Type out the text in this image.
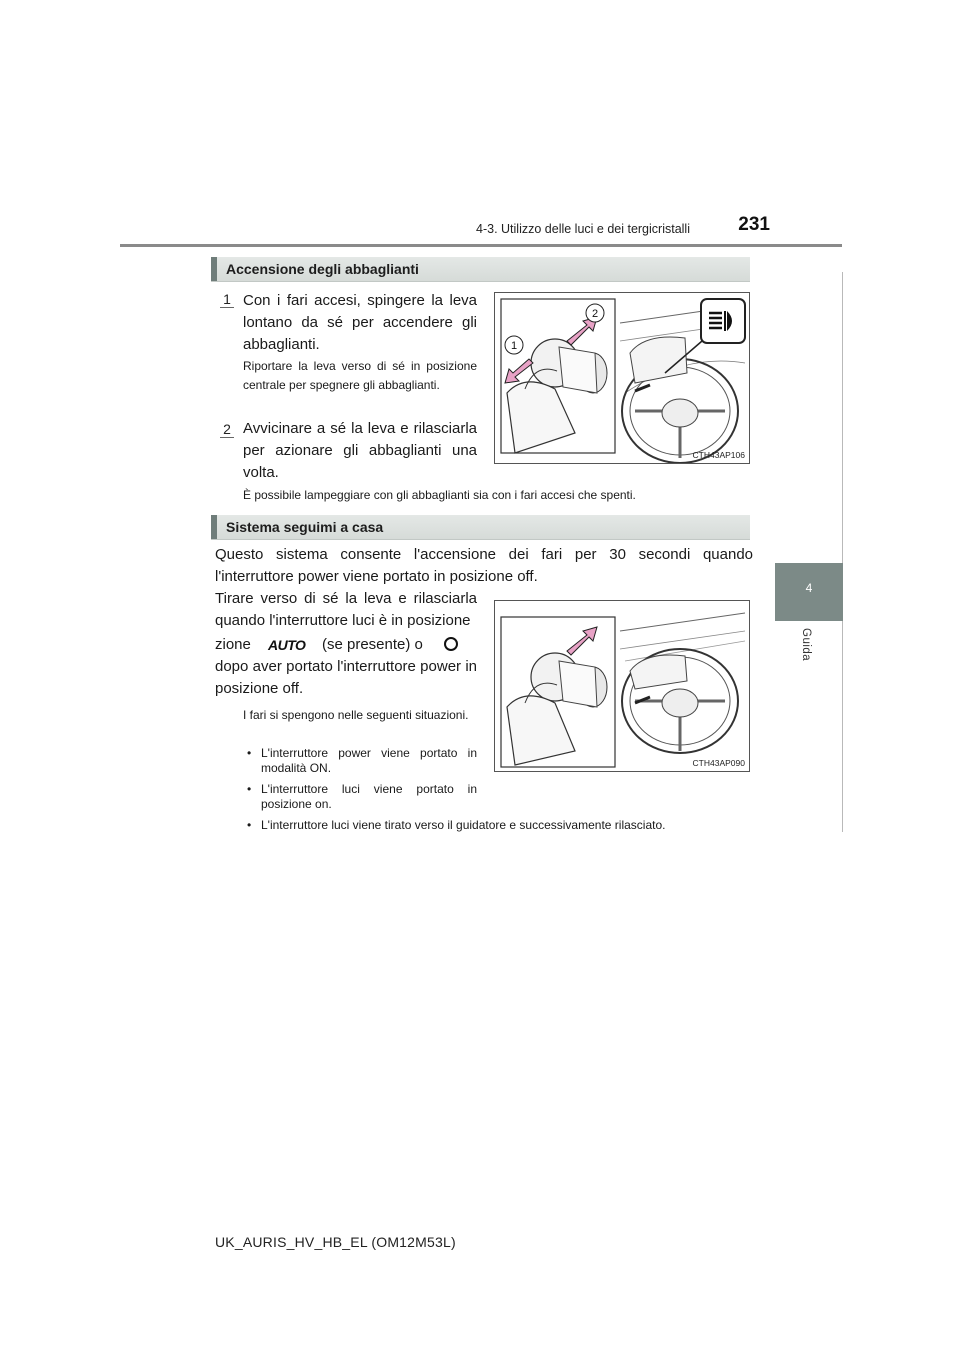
4-3. Utilizzo delle luci e dei tergicristalli	231
4
Guida
Accensione degli abbaglianti
1 Con i fari accesi, spingere la leva lontano da sé per accendere gli abbaglianti.
Riportare la leva verso di sé in posizione centrale per spegnere gli abbaglianti.
2 Avvicinare a sé la leva e rilasciarla per azionare gli abbaglianti una volta.
È possibile lampeggiare con gli abbaglianti sia con i fari accesi che spenti.
2
1
CTH43AP106
Sistema seguimi a casa
Questo sistema consente l'accensione dei fari per 30 secondi quando l'interruttore power viene portato in posizione off.
Tirare verso di sé la leva e rilasciarla quando l'interruttore luci è in posizione
zione	AUTO (se presente) o
dopo aver portato l'interruttore power in posizione off.
I fari si spengono nelle seguenti situazioni.
• L'interruttore power viene portato in modalità ON.
• L'interruttore luci viene portato in posizione on.
• L'interruttore luci viene tirato verso il guidatore e successivamente rilasciato.
CTH43AP090
UK_AURIS_HV_HB_EL (OM12M53L)
